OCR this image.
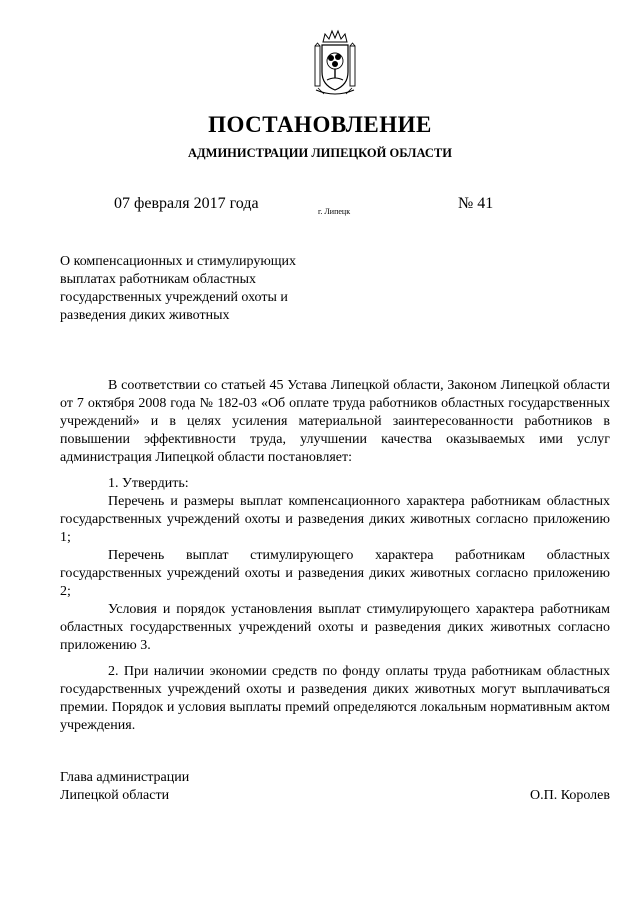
ПОСТАНОВЛЕНИЕ
АДМИНИСТРАЦИИ ЛИПЕЦКОЙ ОБЛАСТИ
07 февраля 2017 года	г. Липецк	№ 41
О компенсационных и стимулирующих
выплатах работникам областных
государственных учреждений охоты и
разведения диких животных

В соответствии со статьей 45 Устава Липецкой области, Законом Липецкой области от 7 октября 2008 года № 182-03 «Об оплате труда работников областных государственных учреждений» и в целях усиления материальной заинтересованности работников в повышении эффективности труда, улучшении качества оказываемых ими услуг администрация Липецкой области постановляет:

1. Утвердить:

Перечень и размеры выплат компенсационного характера работникам областных государственных учреждений охоты и разведения диких животных согласно приложению 1;

Перечень выплат стимулирующего характера работникам областных государственных учреждений охоты и разведения диких животных согласно приложению 2;

Условия и порядок установления выплат стимулирующего характера работникам областных государственных учреждений охоты и разведения диких животных согласно приложению 3.

2. При наличии экономии средств по фонду оплаты труда работникам областных государственных учреждений охоты и разведения диких животных могут выплачиваться премии. Порядок и условия выплаты премий определяются локальным нормативным актом учреждения.

Глава администрации
Липецкой области	О.П. Королев
